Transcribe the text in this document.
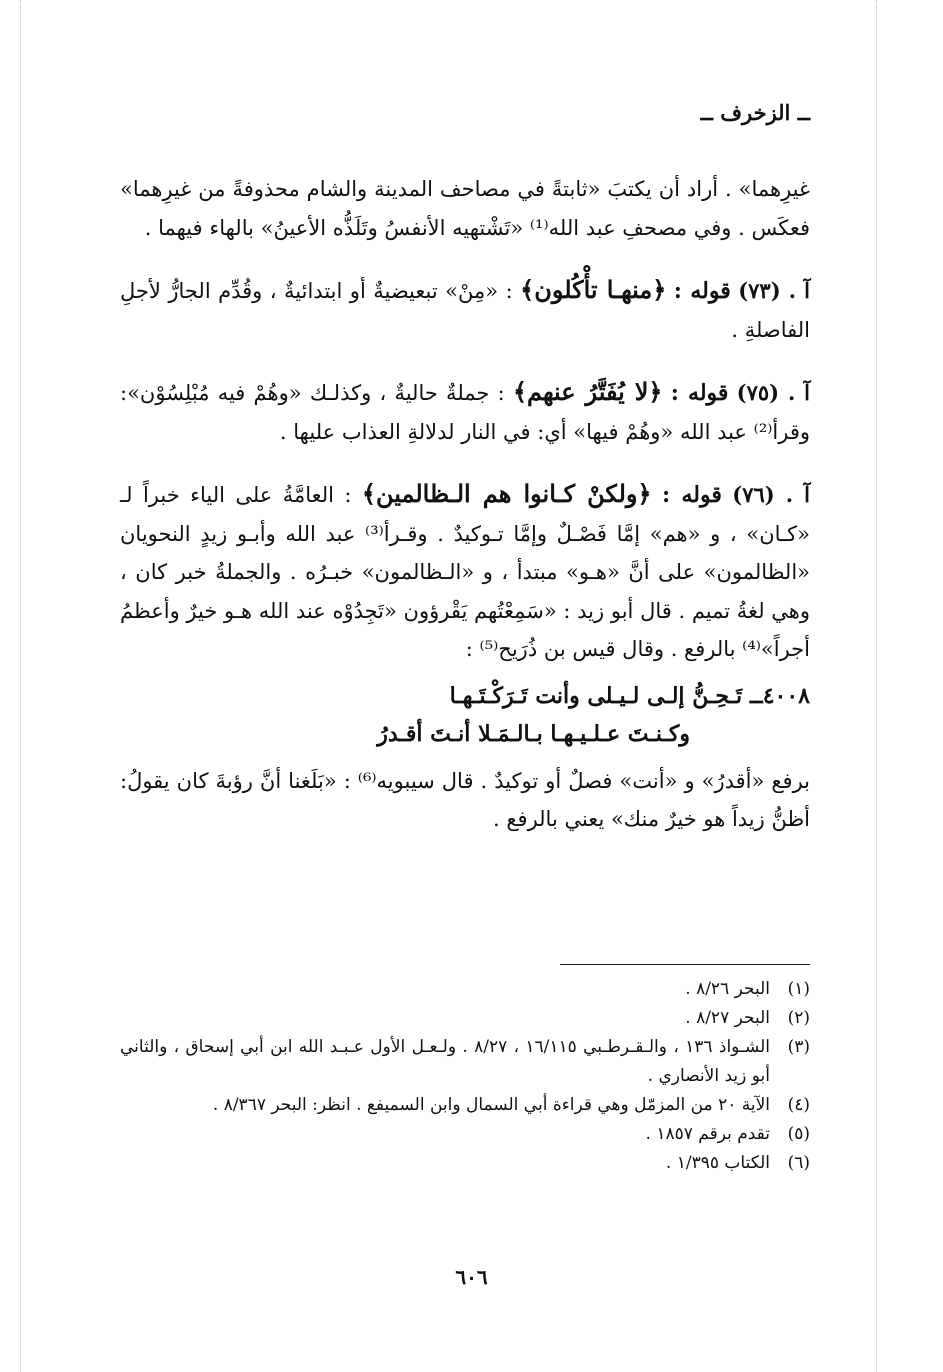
ــ الزخرف ــ

غيرِهما» . أراد أن يكتبَ «ثابتةً في مصاحف المدينة والشام محذوفةً من غيرِهما» فعكَس . وفي مصحفِ عبد الله⁽¹⁾ «تَشْتهيه الأنفسُ وتَلَذُّه الأعينُ» بالهاء فيهما .

آ . (٧٣) قوله : ﴿منهـا تأْكُلون﴾ : «مِنْ» تبعيضيةٌ أو ابتدائيةٌ ، وقُدِّم الجارُّ لأجلِ الفاصلةِ .

آ . (٧٥) قوله : ﴿لا يُفَتَّرُ عنهم﴾ : جملةٌ حاليةٌ ، وكذلـك «وهُمْ فيه مُبْلِسُوْن»: وقرأ⁽²⁾ عبد الله «وهُمْ فيها» أي: في النار لدلالةِ العذاب عليها .

آ . (٧٦) قوله : ﴿ولكنْ كـانوا هم الـظالمين﴾ : العامَّةُ على الياء خبراً لـ «كـان» ، و «هم» إمَّا فَصْـلٌ وإمَّا تـوكيدٌ . وقـرأ⁽³⁾ عبد الله وأبـو زيدٍ النحويان «الظالمون» على أنَّ «هـو» مبتدأ ، و «الـظالمون» خبـرُه . والجملةُ خبر كان ، وهي لغةُ تميم . قال أبو زيد : «سَمِعْتُهم يَقْرؤون «تَجِدُوْه عند الله هـو خيرٌ وأعظمُ أجراً»⁽⁴⁾ بالرفع . وقال قيس بن ذُرَيح⁽⁵⁾ :

٤٠٠٨ــ تَـحِـنُّ إلـى لـيـلى وأنت تَـرَكْـتَـهـا
وكـنـتَ عـلـيـهـا بـالـمَـلا أنـتَ أقـدرُ

برفع «أقدرُ» و «أنت» فصلٌ أو توكيدٌ . قال سيبويه⁽⁶⁾ : «بَلَغنا أنَّ رؤبةَ كان يقولُ: أظنُّ زيداً هو خيرٌ منك» يعني بالرفع .

(١)
البحر ٨/٢٦ .
(٢)
البحر ٨/٢٧ .
(٣)
الشـواذ ١٣٦ ، والـقـرطـبي ١٦/١١٥ ، ٨/٢٧ . ولـعـل الأول عـبـد الله ابن أبي إسحاق ، والثاني أبو زيد الأنصاري .
(٤)
الآية ٢٠ من المزمّل وهي قراءة أبي السمال وابن السميفع . انظر: البحر ٨/٣٦٧ .
(٥)
تقدم برقم ١٨٥٧ .
(٦)
الكتاب ١/٣٩٥ .
٦٠٦
